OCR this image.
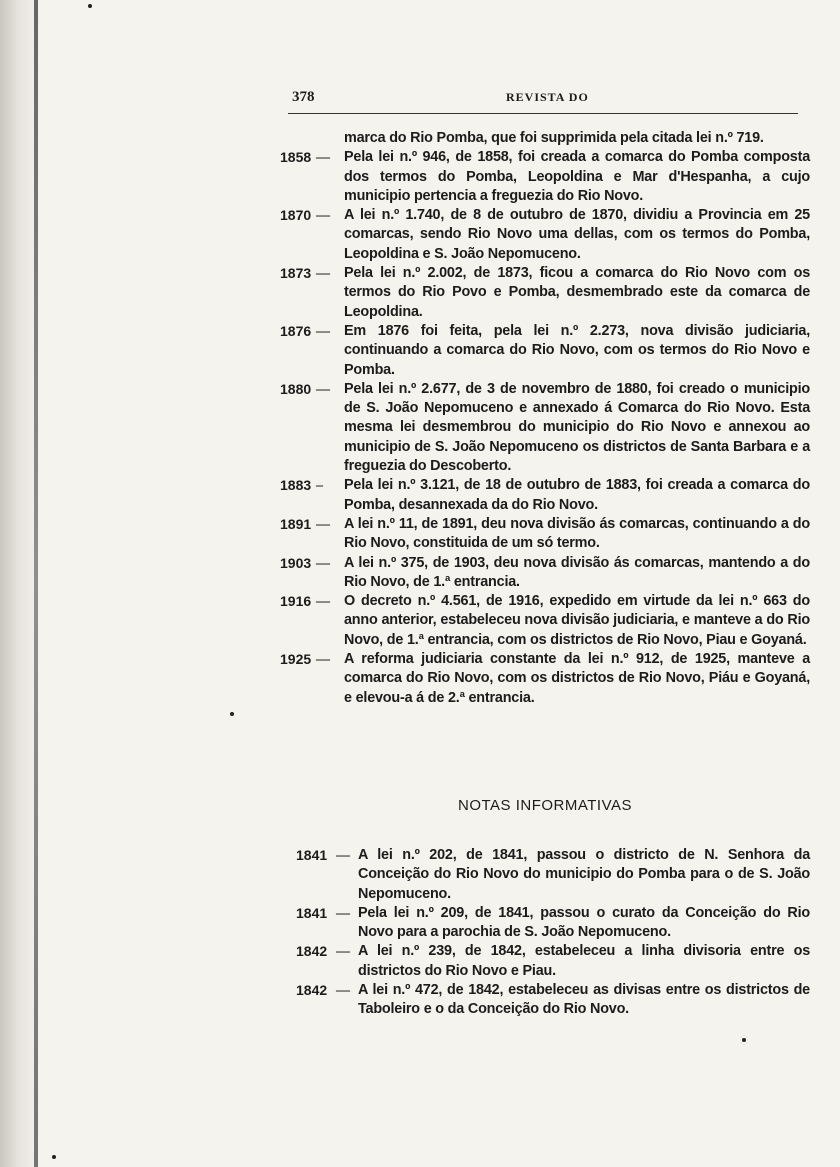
378	REVISTA DO
marca do Rio Pomba, que foi supprimida pela citada lei n.º 719.
1858 — Pela lei n.º 946, de 1858, foi creada a comarca do Pomba composta dos termos do Pomba, Leopoldina e Mar d'Hespanha, a cujo municipio pertencia a freguezia do Rio Novo.
1870 — A lei n.º 1.740, de 8 de outubro de 1870, dividiu a Provincia em 25 comarcas, sendo Rio Novo uma dellas, com os termos do Pomba, Leopoldina e S. João Nepomuceno.
1873 — Pela lei n.º 2.002, de 1873, ficou a comarca do Rio Novo com os termos do Rio Povo e Pomba, desmembrado este da comarca de Leopoldina.
1876 — Em 1876 foi feita, pela lei n.º 2.273, nova divisão judiciaria, continuando a comarca do Rio Novo, com os termos do Rio Novo e Pomba.
1880 — Pela lei n.º 2.677, de 3 de novembro de 1880, foi creado o municipio de S. João Nepomuceno e annexado á Comarca do Rio Novo. Esta mesma lei desmembrou do municipio do Rio Novo e annexou ao municipio de S. João Nepomuceno os districtos de Santa Barbara e a freguezia do Descoberto.
1883 – Pela lei n.º 3.121, de 18 de outubro de 1883, foi creada a comarca do Pomba, desannexada da do Rio Novo.
1891 — A lei n.º 11, de 1891, deu nova divisão ás comarcas, continuando a do Rio Novo, constituida de um só termo.
1903 — A lei n.º 375, de 1903, deu nova divisão ás comarcas, mantendo a do Rio Novo, de 1.ª entrancia.
1916 — O decreto n.º 4.561, de 1916, expedido em virtude da lei n.º 663 do anno anterior, estabeleceu nova divisão judiciaria, e manteve a do Rio Novo, de 1.ª entrancia, com os districtos de Rio Novo, Piau e Goyaná.
1925 — A reforma judiciaria constante da lei n.º 912, de 1925, manteve a comarca do Rio Novo, com os districtos de Rio Novo, Piáu e Goyaná, e elevou-a á de 2.ª entrancia.
NOTAS INFORMATIVAS
1841 — A lei n.º 202, de 1841, passou o districto de N. Senhora da Conceição do Rio Novo do municipio do Pomba para o de S. João Nepomuceno.
1841 — Pela lei n.º 209, de 1841, passou o curato da Conceição do Rio Novo para a parochia de S. João Nepomuceno.
1842 — A lei n.º 239, de 1842, estabeleceu a linha divisoria entre os districtos do Rio Novo e Piau.
1842 — A lei n.º 472, de 1842, estabeleceu as divisas entre os districtos de Taboleiro e o da Conceição do Rio Novo.
